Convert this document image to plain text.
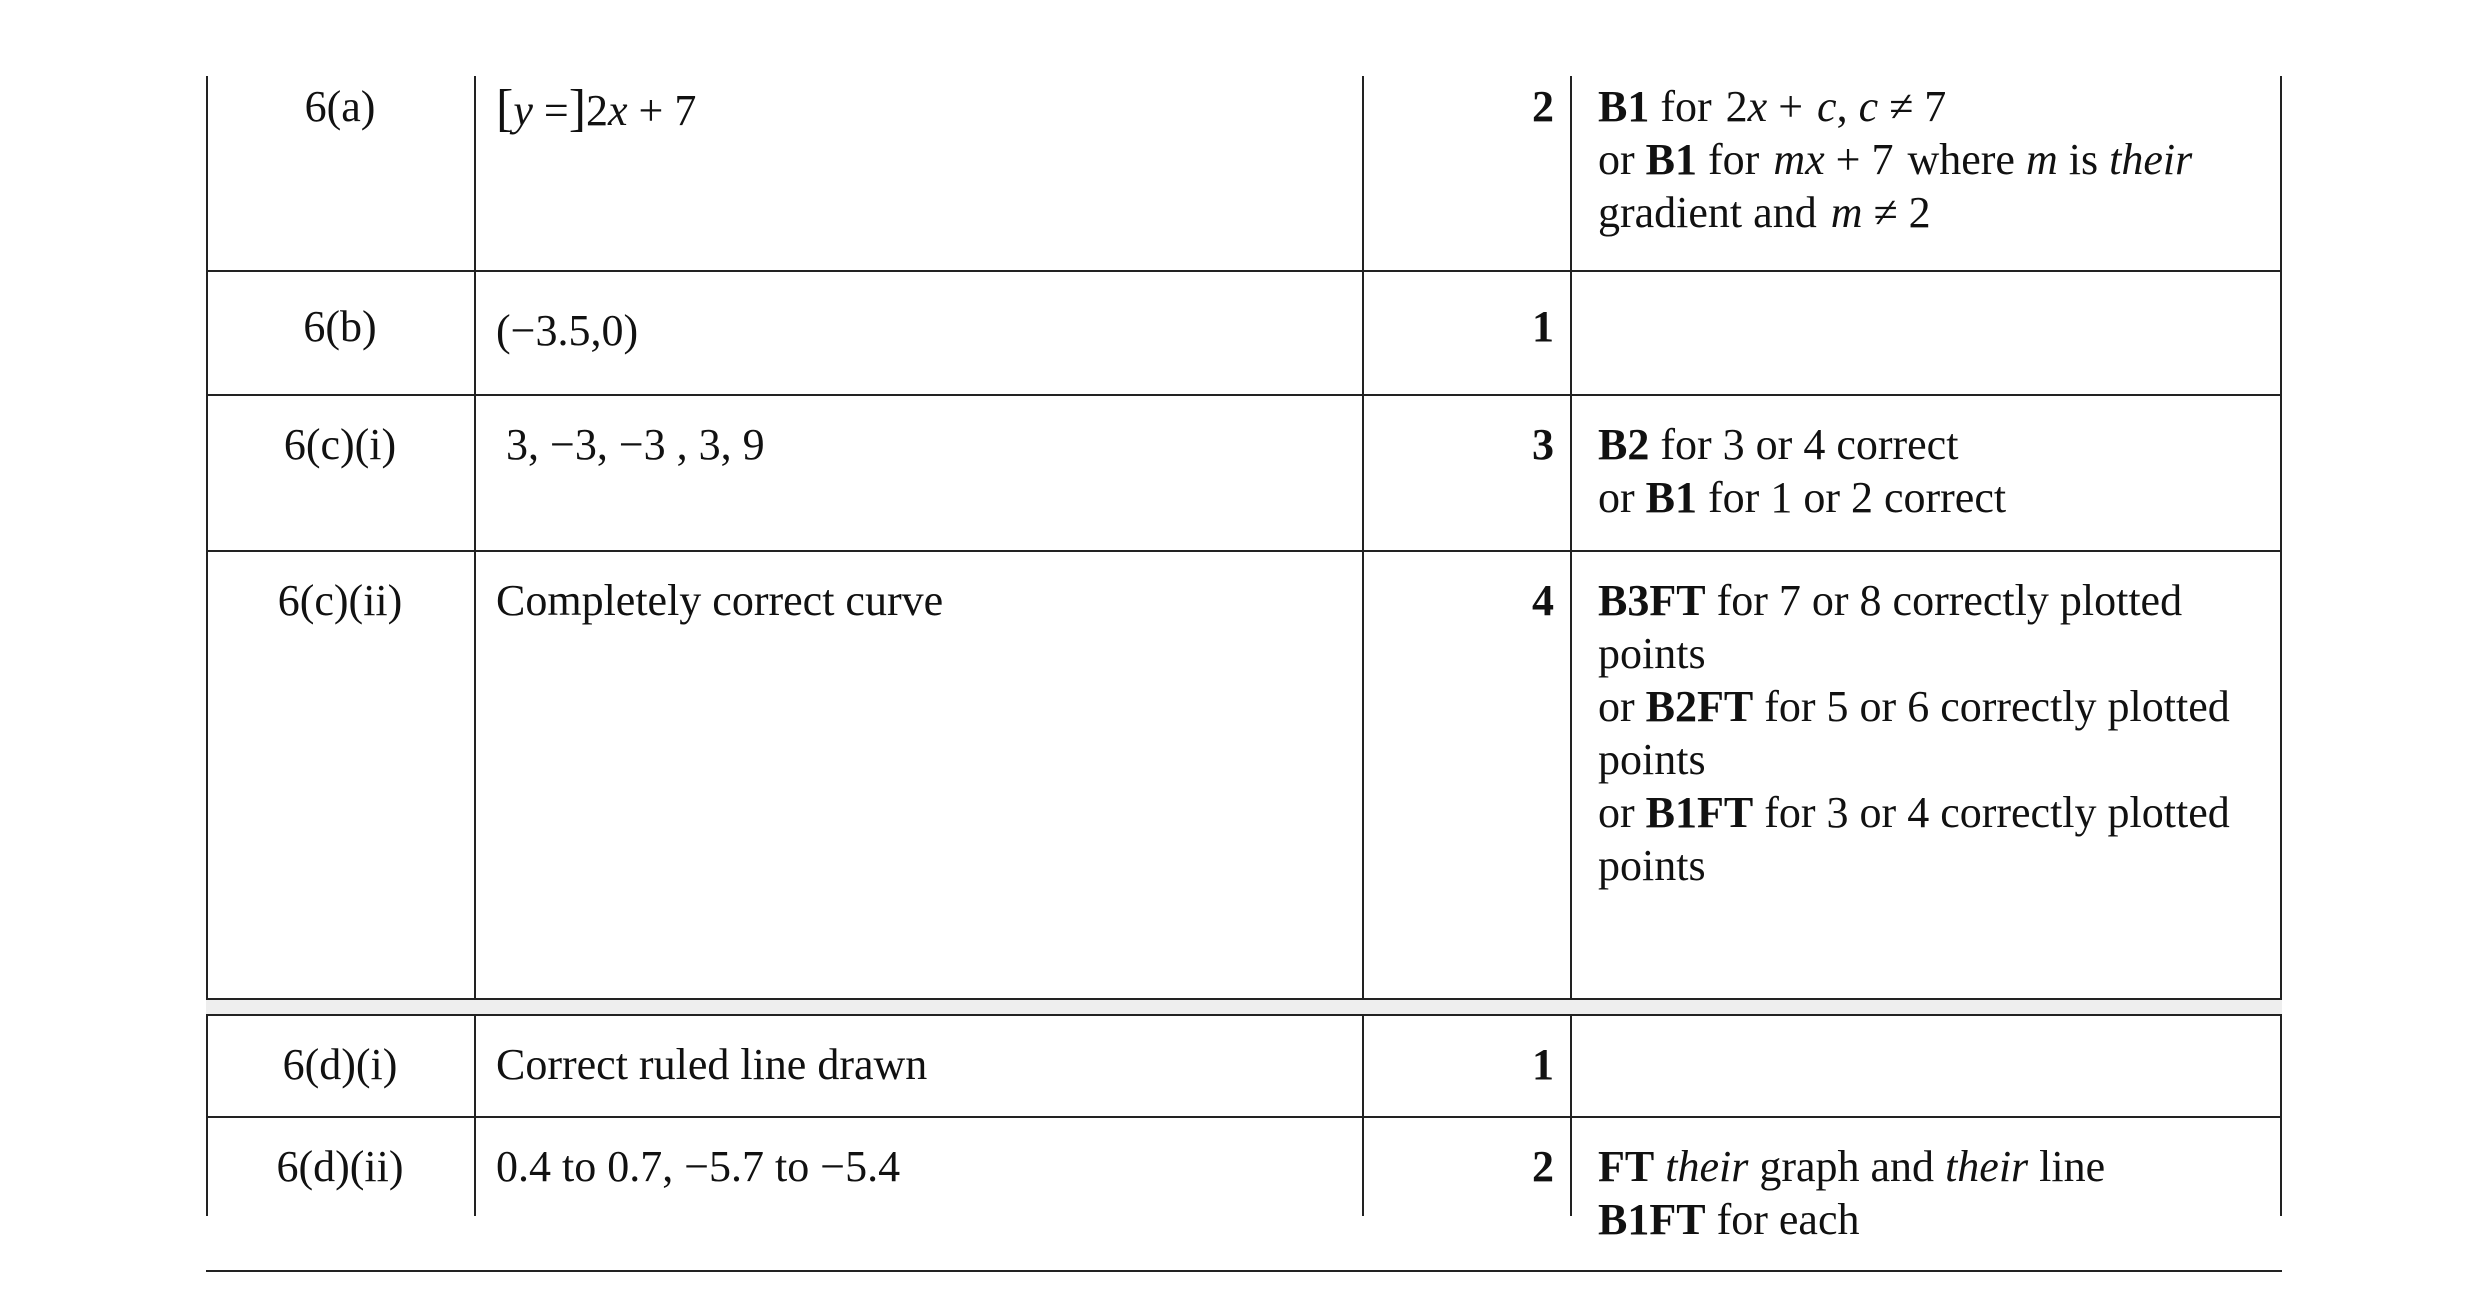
6(a)	[y =]2x + 7	2 B1 for 2x + c, c ≠ 7
or B1 for mx + 7 where m is their
gradient and m ≠ 2
6(b)	(−3.5,0)	1
6(c)(i)	3, −3, −3 , 3, 9	3 B2 for 3 or 4 correct
or B1 for 1 or 2 correct
6(c)(ii)	Completely correct curve	4 B3FT for 7 or 8 correctly plotted
points
or B2FT for 5 or 6 correctly plotted
points
or B1FT for 3 or 4 correctly plotted
points
6(d)(i)	Correct ruled line drawn	1
6(d)(ii)	0.4 to 0.7, −5.7 to −5.4	2 FT their graph and their line
B1FT for each
